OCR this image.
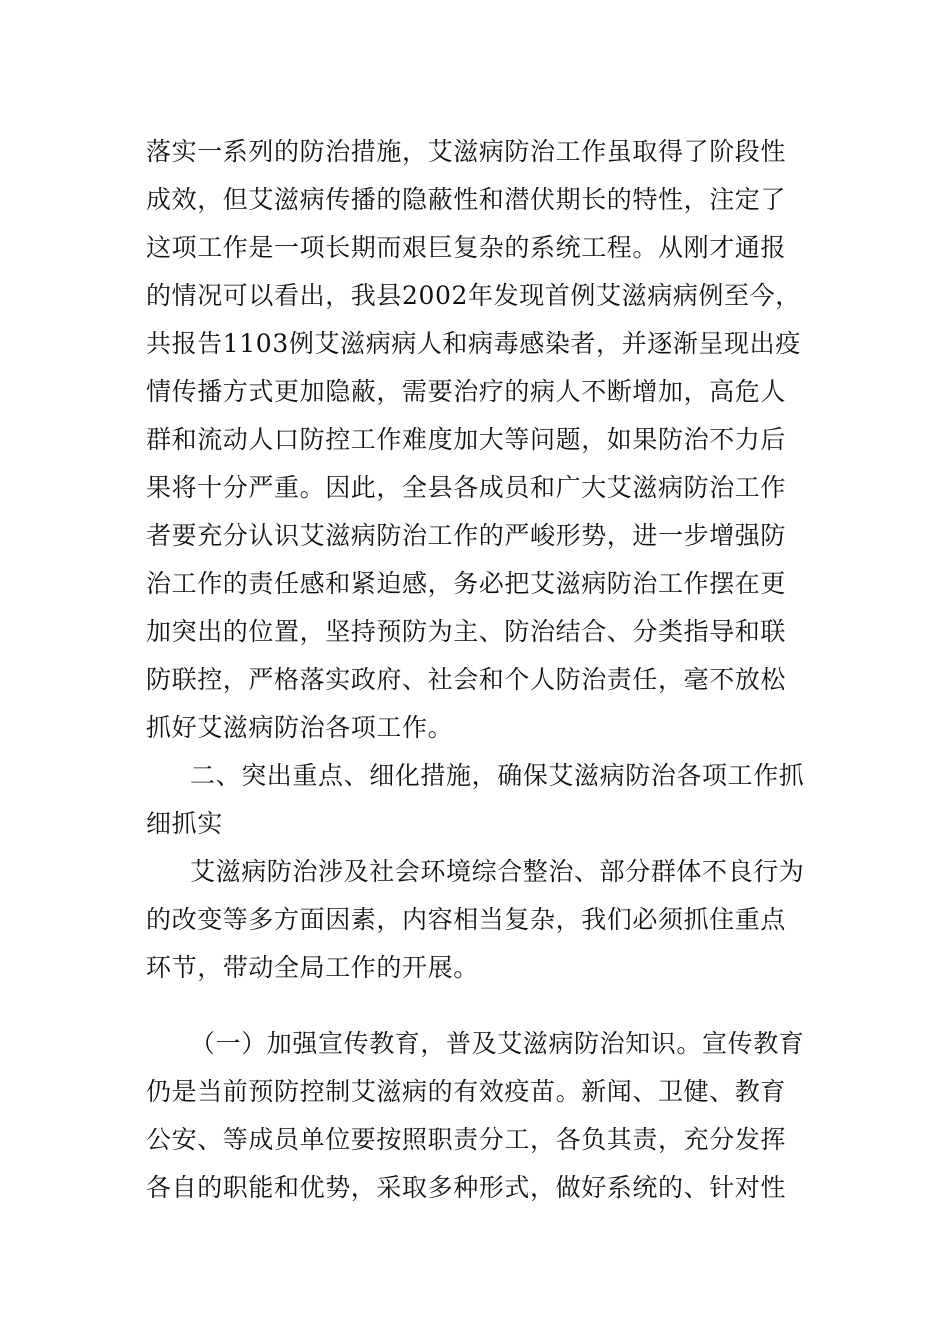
落实一系列的防治措施，艾滋病防治工作虽取得了阶段性
成效，但艾滋病传播的隐蔽性和潜伏期长的特性，注定了
这项工作是一项长期而艰巨复杂的系统工程。从刚才通报
的情况可以看出，我县2002年发现首例艾滋病病例至今，
共报告1103例艾滋病病人和病毒感染者，并逐渐呈现出疫
情传播方式更加隐蔽，需要治疗的病人不断增加，高危人
群和流动人口防控工作难度加大等问题，如果防治不力后
果将十分严重。因此，全县各成员和广大艾滋病防治工作
者要充分认识艾滋病防治工作的严峻形势，进一步增强防
治工作的责任感和紧迫感，务必把艾滋病防治工作摆在更
加突出的位置，坚持预防为主、防治结合、分类指导和联
防联控，严格落实政府、社会和个人防治责任，毫不放松
抓好艾滋病防治各项工作。
二、突出重点、细化措施，确保艾滋病防治各项工作抓
细抓实
艾滋病防治涉及社会环境综合整治、部分群体不良行为
的改变等多方面因素，内容相当复杂，我们必须抓住重点
环节，带动全局工作的开展。
（一）加强宣传教育，普及艾滋病防治知识。宣传教育
仍是当前预防控制艾滋病的有效疫苗。新闻、卫健、教育
公安、等成员单位要按照职责分工，各负其责，充分发挥
各自的职能和优势，采取多种形式，做好系统的、针对性
